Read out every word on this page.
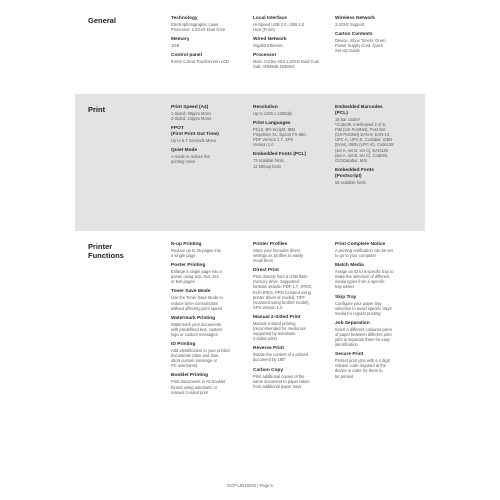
General	Technology

Electrophotographic Laser
Processor: 1.2GHz Dual Core

Memory

1GB

Control panel

8.8cm Colour Touchscreen LCD

Local Interface

Hi-Speed USB 2.0, USB 2.0
Host (Front)

Wired Network

Gigabit Ethernet

Processor

Main: Cortex-A53 1.2GHz Dual Core
Sub: ARM946 150MHz

Wireless Network

2.4GHz Support

Carton Contents

Device, Inbox Toners, Drum,
Power Supply Cord, Quick
Set-Up Guide

Print	Print Speed (A4)

1-Sided: 48ppm Mono
2-Sided: 24ppm Mono

FPOT
(First Print Out Time)

Up to 6.7 Seconds Mono

Quiet Mode

A mode to reduce the
printing noise

Resolution

Up to 1200 x 1200dpi

Print Languages

PCL6, BR-Script3, IBM
Proprinter XL, Epson FX-850,
PDF Version 1.7, XPS
Version 1.0

Embedded Fonts (PCL)

73 scalable fonts,
12 bitmap fonts

Embedded Barcodes
(PCL)

18 bar codes*
*Code39, Interleaved 2 of 5,
FIM (US-PostNet), Post Net
(US-PostNet) EAN-8, EAN-13,
UPC-A, UPC-E, Codabar, ISBN
(EAN), ISBN (UPC-E), Code128
(set A, set B, set C), EAN128
(set A, set B, set C), Code93,
GS1Databar, MSI

Embedded Fonts
(Postscript)

66 scalable fonts

Printer
Functions

N-up Printing

Reduce up to 25 pages into
a single page

Poster Printing

Enlarge a single page into a
poster using 2x2, 3x3, 4x4
or 5x5 pages

Toner Save Mode

Use the Toner Save Mode to
reduce toner consumption
without affecting print speed

Watermark Printing

Watermark your documents
with predefined text, custom
logo or custom messages

ID Printing

Add identification to your printed
documents (date and time,
short custom message or
PC username)

Booklet Printing

Print documents in A5 booklet
format using automatic or
manual 2-sided print

Printer Profiles

Store your favourite driver
settings as profiles to easily
recall them

Direct Print

Print directly from a USB flash
memory drive. Supported
formats include: PDF 1.7, JPEG,
Exif+JPEG, PRN (created using
printer driver of model), TIFF
(scanned using brother model),
XPS version 1.0

Manual 2-Sided Print

Manual 2-sided printing
(recommended for media not
supported by automatic
2-sided print)

Reverse Print

Rotate the content of a printed
document by 180°

Carbon Copy

Print additional copies of the
same document to paper taken
from additional paper trays

Print Complete Notice

A printing notification can be set
to go to your computer

Match Media

Assign an ID to a specific tray to
make the selection of different
media types from a specific
tray easier

Skip Tray

Configure your paper tray
selection to avoid specific trays'
media for regular printing

Job Separation

Insert a different coloured piece
of paper between different print
jobs to separate them for easy
identification

Secure Print

Protect print jobs with a 4 digit
release code required at the
device in order for them to
be printed

DCP-L5510DW | Page 5
